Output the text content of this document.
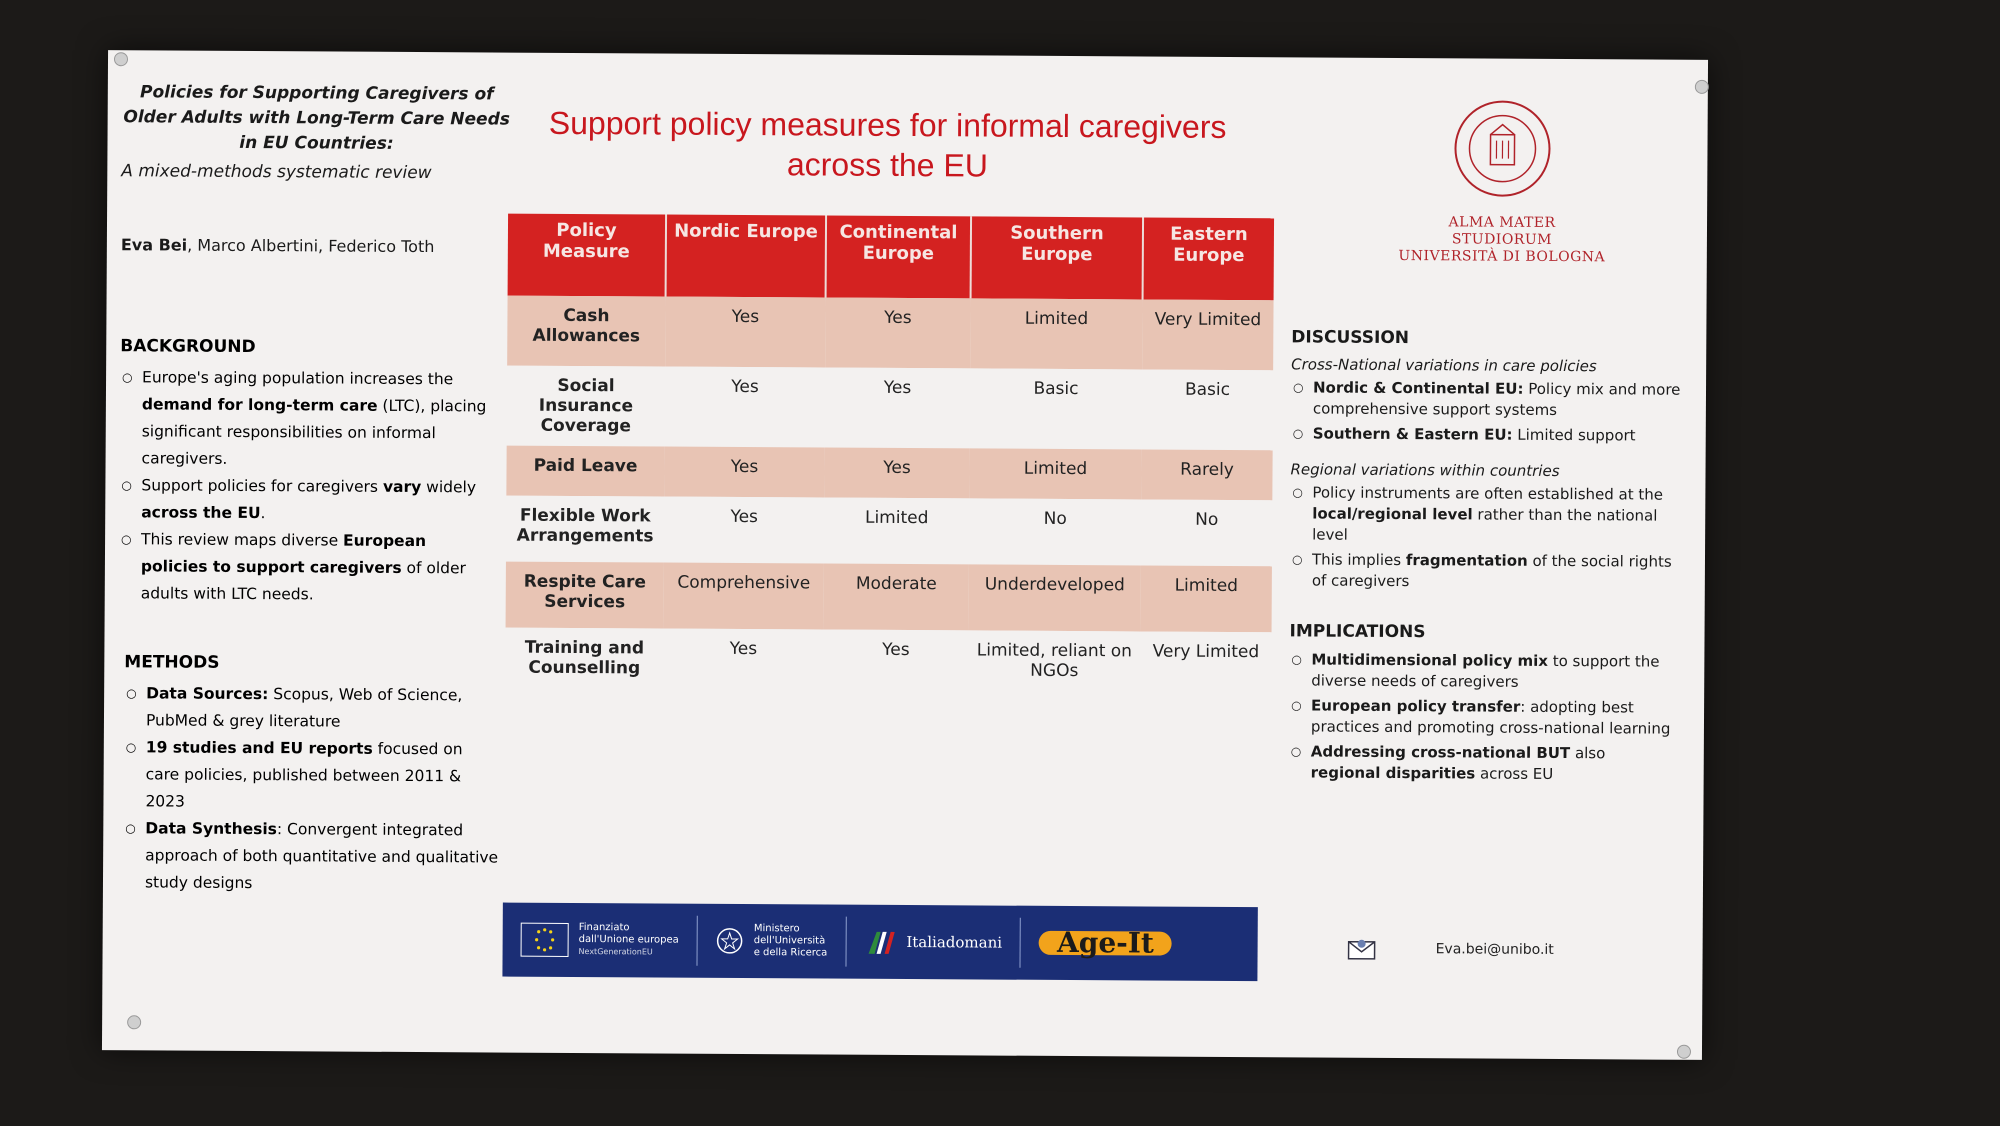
Policies for Supporting Caregivers of Older Adults with Long-Term Care Needs in EU Countries:

A mixed-methods systematic review
Eva Bei, Marco Albertini, Federico Toth
BACKGROUND
○ Europe's aging population increases the demand for long-term care (LTC), placing significant responsibilities on informal caregivers.
○ Support policies for caregivers vary widely across the EU.
○ This review maps diverse European policies to support caregivers of older adults with LTC needs.
METHODS
○ Data Sources: Scopus, Web of Science, PubMed & grey literature
○ 19 studies and EU reports focused on care policies, published between 2011 & 2023
○ Data Synthesis: Convergent integrated approach of both quantitative and qualitative study designs
Support policy measures for informal caregivers across the EU
Policy Measure	Nordic Europe	Continental Europe	Southern Europe	Eastern Europe
Cash Allowances	Yes	Yes	Limited	Very Limited
Social Insurance Coverage	Yes	Yes	Basic	Basic
Paid Leave	Yes	Yes	Limited	Rarely
Flexible Work Arrangements	Yes	Limited	No	No
Respite Care Services	Comprehensive	Moderate	Underdeveloped	Limited
Training and Counselling	Yes	Yes	Limited, reliant on NGOs	Very Limited
ALMA MATER STUDIORUM
UNIVERSITÀ DI BOLOGNA
DISCUSSION
Cross-National variations in care policies
○ Nordic & Continental EU: Policy mix and more comprehensive support systems
○ Southern & Eastern EU: Limited support
Regional variations within countries
○ Policy instruments are often established at the local/regional level rather than the national level
○ This implies fragmentation of the social rights of caregivers
IMPLICATIONS
○ Multidimensional policy mix to support the diverse needs of caregivers
○ European policy transfer: adopting best practices and promoting cross-national learning
○ Addressing cross-national BUT also regional disparities across EU
Finanziato
dall'Unione europea
NextGenerationEU
Ministero
dell'Università
e della Ricerca
Italiadomani	Age-It	Eva.bei@unibo.it
